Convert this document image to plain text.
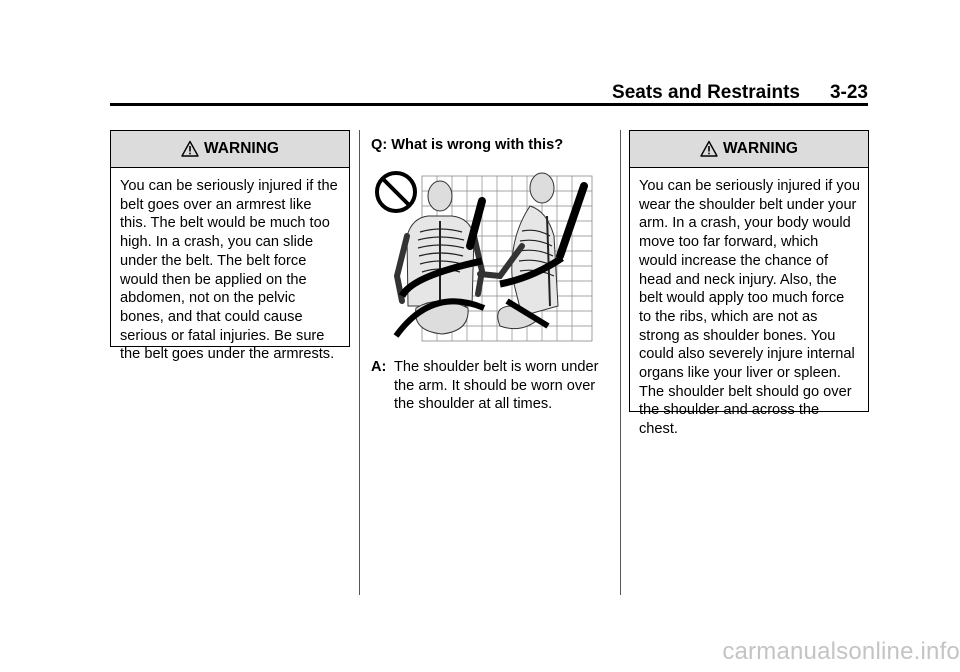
Seats and Restraints 3-23
WARNING

You can be seriously injured if the belt goes over an armrest like this. The belt would be much too high. In a crash, you can slide under the belt. The belt force would then be applied on the abdomen, not on the pelvic bones, and that could cause serious or fatal injuries. Be sure the belt goes under the armrests.

Q: What is wrong with this?
A: The shoulder belt is worn under the arm. It should be worn over the shoulder at all times.
WARNING

You can be seriously injured if you wear the shoulder belt under your arm. In a crash, your body would move too far forward, which would increase the chance of head and neck injury. Also, the belt would apply too much force to the ribs, which are not as strong as shoulder bones. You could also severely injure internal organs like your liver or spleen. The shoulder belt should go over the shoulder and across the chest.

carmanualsonline.info
